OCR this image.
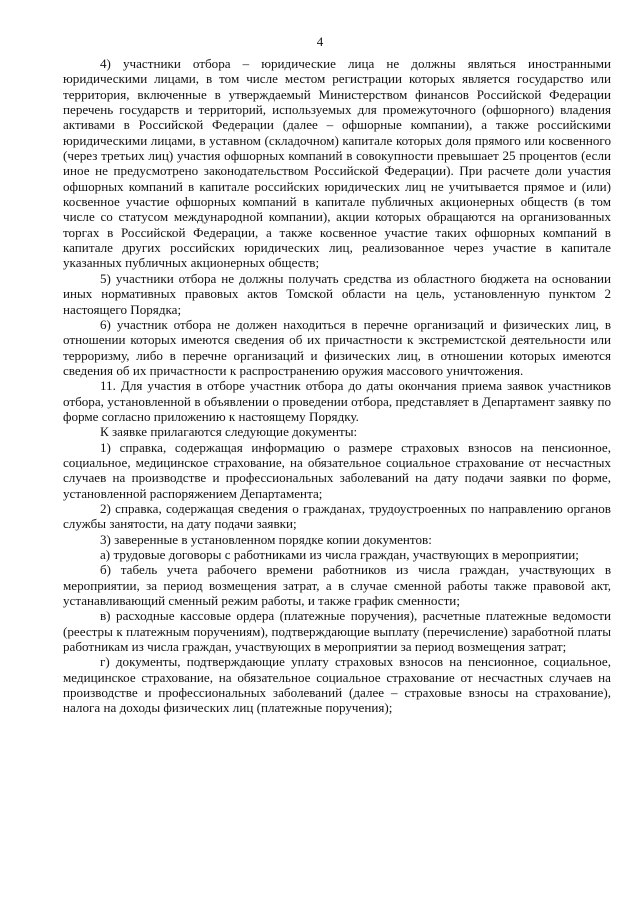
4

4) участники отбора – юридические лица не должны являться иностранными юридическими лицами, в том числе местом регистрации которых является государство или территория, включенные в утверждаемый Министерством финансов Российской Федерации перечень государств и территорий, используемых для промежуточного (офшорного) владения активами в Российской Федерации (далее – офшорные компании), а также российскими юридическими лицами, в уставном (складочном) капитале которых доля прямого или косвенного (через третьих лиц) участия офшорных компаний в совокупности превышает 25 процентов (если иное не предусмотрено законодательством Российской Федерации). При расчете доли участия офшорных компаний в капитале российских юридических лиц не учитывается прямое и (или) косвенное участие офшорных компаний в капитале публичных акционерных обществ (в том числе со статусом международной компании), акции которых обращаются на организованных торгах в Российской Федерации, а также косвенное участие таких офшорных компаний в капитале других российских юридических лиц, реализованное через участие в капитале указанных публичных акционерных обществ;

5) участники отбора не должны получать средства из областного бюджета на основании иных нормативных правовых актов Томской области на цель, установленную пунктом 2 настоящего Порядка;

6) участник отбора не должен находиться в перечне организаций и физических лиц, в отношении которых имеются сведения об их причастности к экстремистской деятельности или терроризму, либо в перечне организаций и физических лиц, в отношении которых имеются сведения об их причастности к распространению оружия массового уничтожения.

11. Для участия в отборе участник отбора до даты окончания приема заявок участников отбора, установленной в объявлении о проведении отбора, представляет в Департамент заявку по форме согласно приложению к настоящему Порядку.

К заявке прилагаются следующие документы:

1) справка, содержащая информацию о размере страховых взносов на пенсионное, социальное, медицинское страхование, на обязательное социальное страхование от несчастных случаев на производстве и профессиональных заболеваний на дату подачи заявки по форме, установленной распоряжением Департамента;

2) справка, содержащая сведения о гражданах, трудоустроенных по направлению органов службы занятости, на дату подачи заявки;

3) заверенные в установленном порядке копии документов:

а) трудовые договоры с работниками из числа граждан, участвующих в мероприятии;

б) табель учета рабочего времени работников из числа граждан, участвующих в мероприятии, за период возмещения затрат, а в случае сменной работы также правовой акт, устанавливающий сменный режим работы, и также график сменности;

в) расходные кассовые ордера (платежные поручения), расчетные платежные ведомости (реестры к платежным поручениям), подтверждающие выплату (перечисление) заработной платы работникам из числа граждан, участвующих в мероприятии за период возмещения затрат;

г) документы, подтверждающие уплату страховых взносов на пенсионное, социальное, медицинское страхование, на обязательное социальное страхование от несчастных случаев на производстве и профессиональных заболеваний (далее – страховые взносы на страхование), налога на доходы физических лиц (платежные поручения);
